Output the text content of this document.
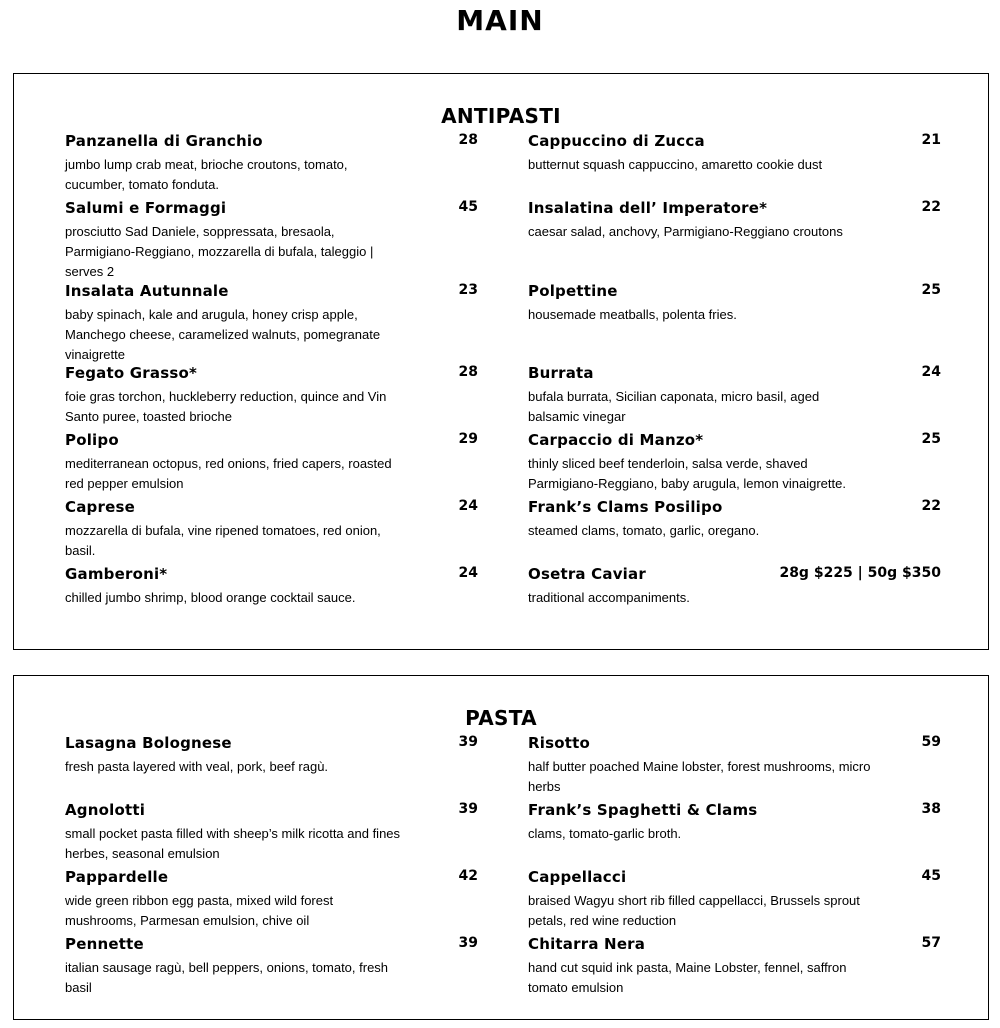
MAIN
ANTIPASTI
Panzanella di Granchio	28
jumbo lump crab meat, brioche croutons, tomato, cucumber, tomato fonduta.
Salumi e Formaggi	45
prosciutto Sad Daniele, soppressata, bresaola, Parmigiano-Reggiano, mozzarella di bufala, taleggio | serves 2
Insalata Autunnale	23
baby spinach, kale and arugula, honey crisp apple, Manchego cheese, caramelized walnuts, pomegranate vinaigrette
Fegato Grasso*	28
foie gras torchon, huckleberry reduction, quince and Vin Santo puree, toasted brioche
Polipo	29
mediterranean octopus, red onions, fried capers, roasted red pepper emulsion
Caprese	24
mozzarella di bufala, vine ripened tomatoes, red onion, basil.
Gamberoni*	24
chilled jumbo shrimp, blood orange cocktail sauce.
Cappuccino di Zucca	21
butternut squash cappuccino, amaretto cookie dust
Insalatina dell’ Imperatore*	22
caesar salad, anchovy, Parmigiano-Reggiano croutons
Polpettine	25
housemade meatballs, polenta fries.
Burrata	24
bufala burrata, Sicilian caponata, micro basil, aged balsamic vinegar
Carpaccio di Manzo*	25
thinly sliced beef tenderloin, salsa verde, shaved Parmigiano-Reggiano, baby arugula, lemon vinaigrette.
Frank’s Clams Posilipo	22
steamed clams, tomato, garlic, oregano.
Osetra Caviar	28g $225 | 50g $350
traditional accompaniments.
PASTA
Lasagna Bolognese	39
fresh pasta layered with veal, pork, beef ragù.
Agnolotti	39
small pocket pasta filled with sheep’s milk ricotta and fines herbes, seasonal emulsion
Pappardelle	42
wide green ribbon egg pasta, mixed wild forest mushrooms, Parmesan emulsion, chive oil
Pennette	39
italian sausage ragù, bell peppers, onions, tomato, fresh basil
Risotto	59
half butter poached Maine lobster, forest mushrooms, micro herbs
Frank’s Spaghetti & Clams	38
clams, tomato-garlic broth.
Cappellacci	45
braised Wagyu short rib filled cappellacci, Brussels sprout petals, red wine reduction
Chitarra Nera	57
hand cut squid ink pasta, Maine Lobster, fennel, saffron tomato emulsion
